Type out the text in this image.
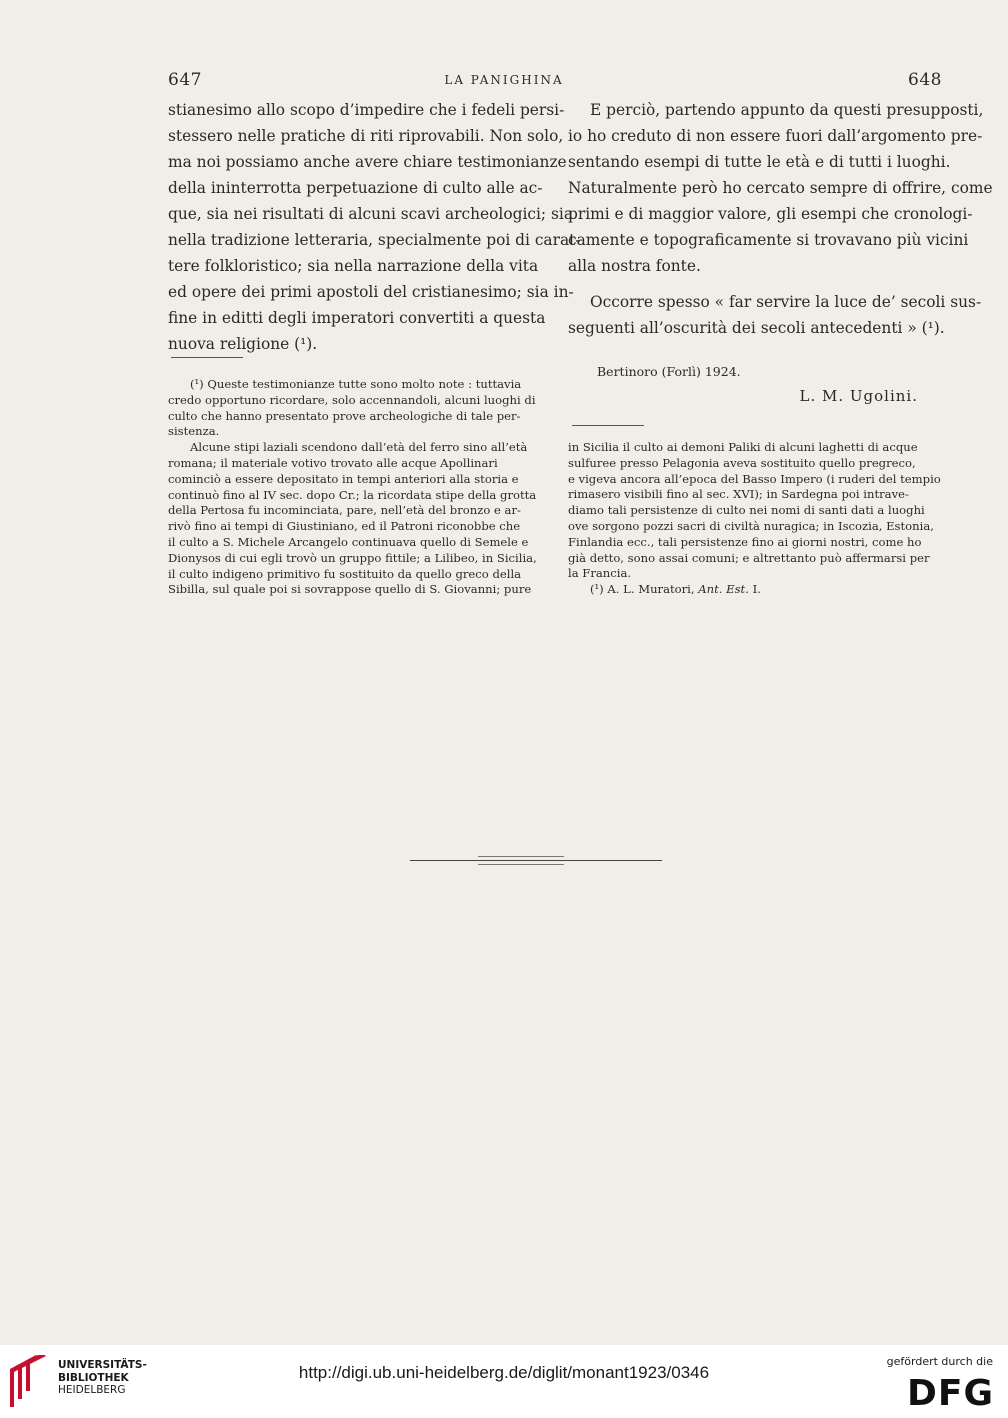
647	LA PANIGHINA	648
stianesimo allo scopo d’impedire che i fedeli persi-
stessero nelle pratiche di riti riprovabili. Non solo,
ma noi possiamo anche avere chiare testimonianze
della ininterrotta perpetuazione di culto alle ac-
que, sia nei risultati di alcuni scavi archeologici; sia
nella tradizione letteraria, specialmente poi di carat-
tere folkloristico; sia nella narrazione della vita
ed opere dei primi apostoli del cristianesimo; sia in-
fine in editti degli imperatori convertiti a questa
nuova religione (¹).
(¹) Queste testimonianze tutte sono molto note : tuttavia
credo opportuno ricordare, solo accennandoli, alcuni luoghi di
culto che hanno presentato prove archeologiche di tale per-
sistenza.
Alcune stipi laziali scendono dall’età del ferro sino all’età
romana; il materiale votivo trovato alle acque Apollinari
cominciò a essere depositato in tempi anteriori alla storia e
continuò fino al IV sec. dopo Cr.; la ricordata stipe della grotta
della Pertosa fu incominciata, pare, nell’età del bronzo e ar-
rivò fino ai tempi di Giustiniano, ed il Patroni riconobbe che
il culto a S. Michele Arcangelo continuava quello di Semele e
Dionysos di cui egli trovò un gruppo fittile; a Lilibeo, in Sicilia,
il culto indigeno primitivo fu sostituito da quello greco della
Sibilla, sul quale poi si sovrappose quello di S. Giovanni; pure
E perciò, partendo appunto da questi presupposti,
io ho creduto di non essere fuori dall’argomento pre-
sentando esempi di tutte le età e di tutti i luoghi.
Naturalmente però ho cercato sempre di offrire, come
primi e di maggior valore, gli esempi che cronologi-
camente e topograficamente si trovavano più vicini
alla nostra fonte.
Occorre spesso « far servire la luce de’ secoli sus-
seguenti all’oscurità dei secoli antecedenti » (¹).
Bertinoro (Forlì) 1924.
L. M. Ugolini.
in Sicilia il culto ai demoni Paliki di alcuni laghetti di acque
sulfuree presso Pelagonia aveva sostituito quello pregreco,
e vigeva ancora all’epoca del Basso Impero (i ruderi del tempio
rimasero visibili fino al sec. XVI); in Sardegna poi intrave-
diamo tali persistenze di culto nei nomi di santi dati a luoghi
ove sorgono pozzi sacri di civiltà nuragica; in Iscozia, Estonia,
Finlandia ecc., tali persistenze fino ai giorni nostri, come ho
già detto, sono assai comuni; e altrettanto può affermarsi per
la Francia.
(¹)
A. L. Muratori,
Ant. Est.
I.
UNIVERSITÄTS-
BIBLIOTHEK
HEIDELBERG
http://digi.ub.uni-heidelberg.de/diglit/monant1923/0346
gefördert durch die
DFG
